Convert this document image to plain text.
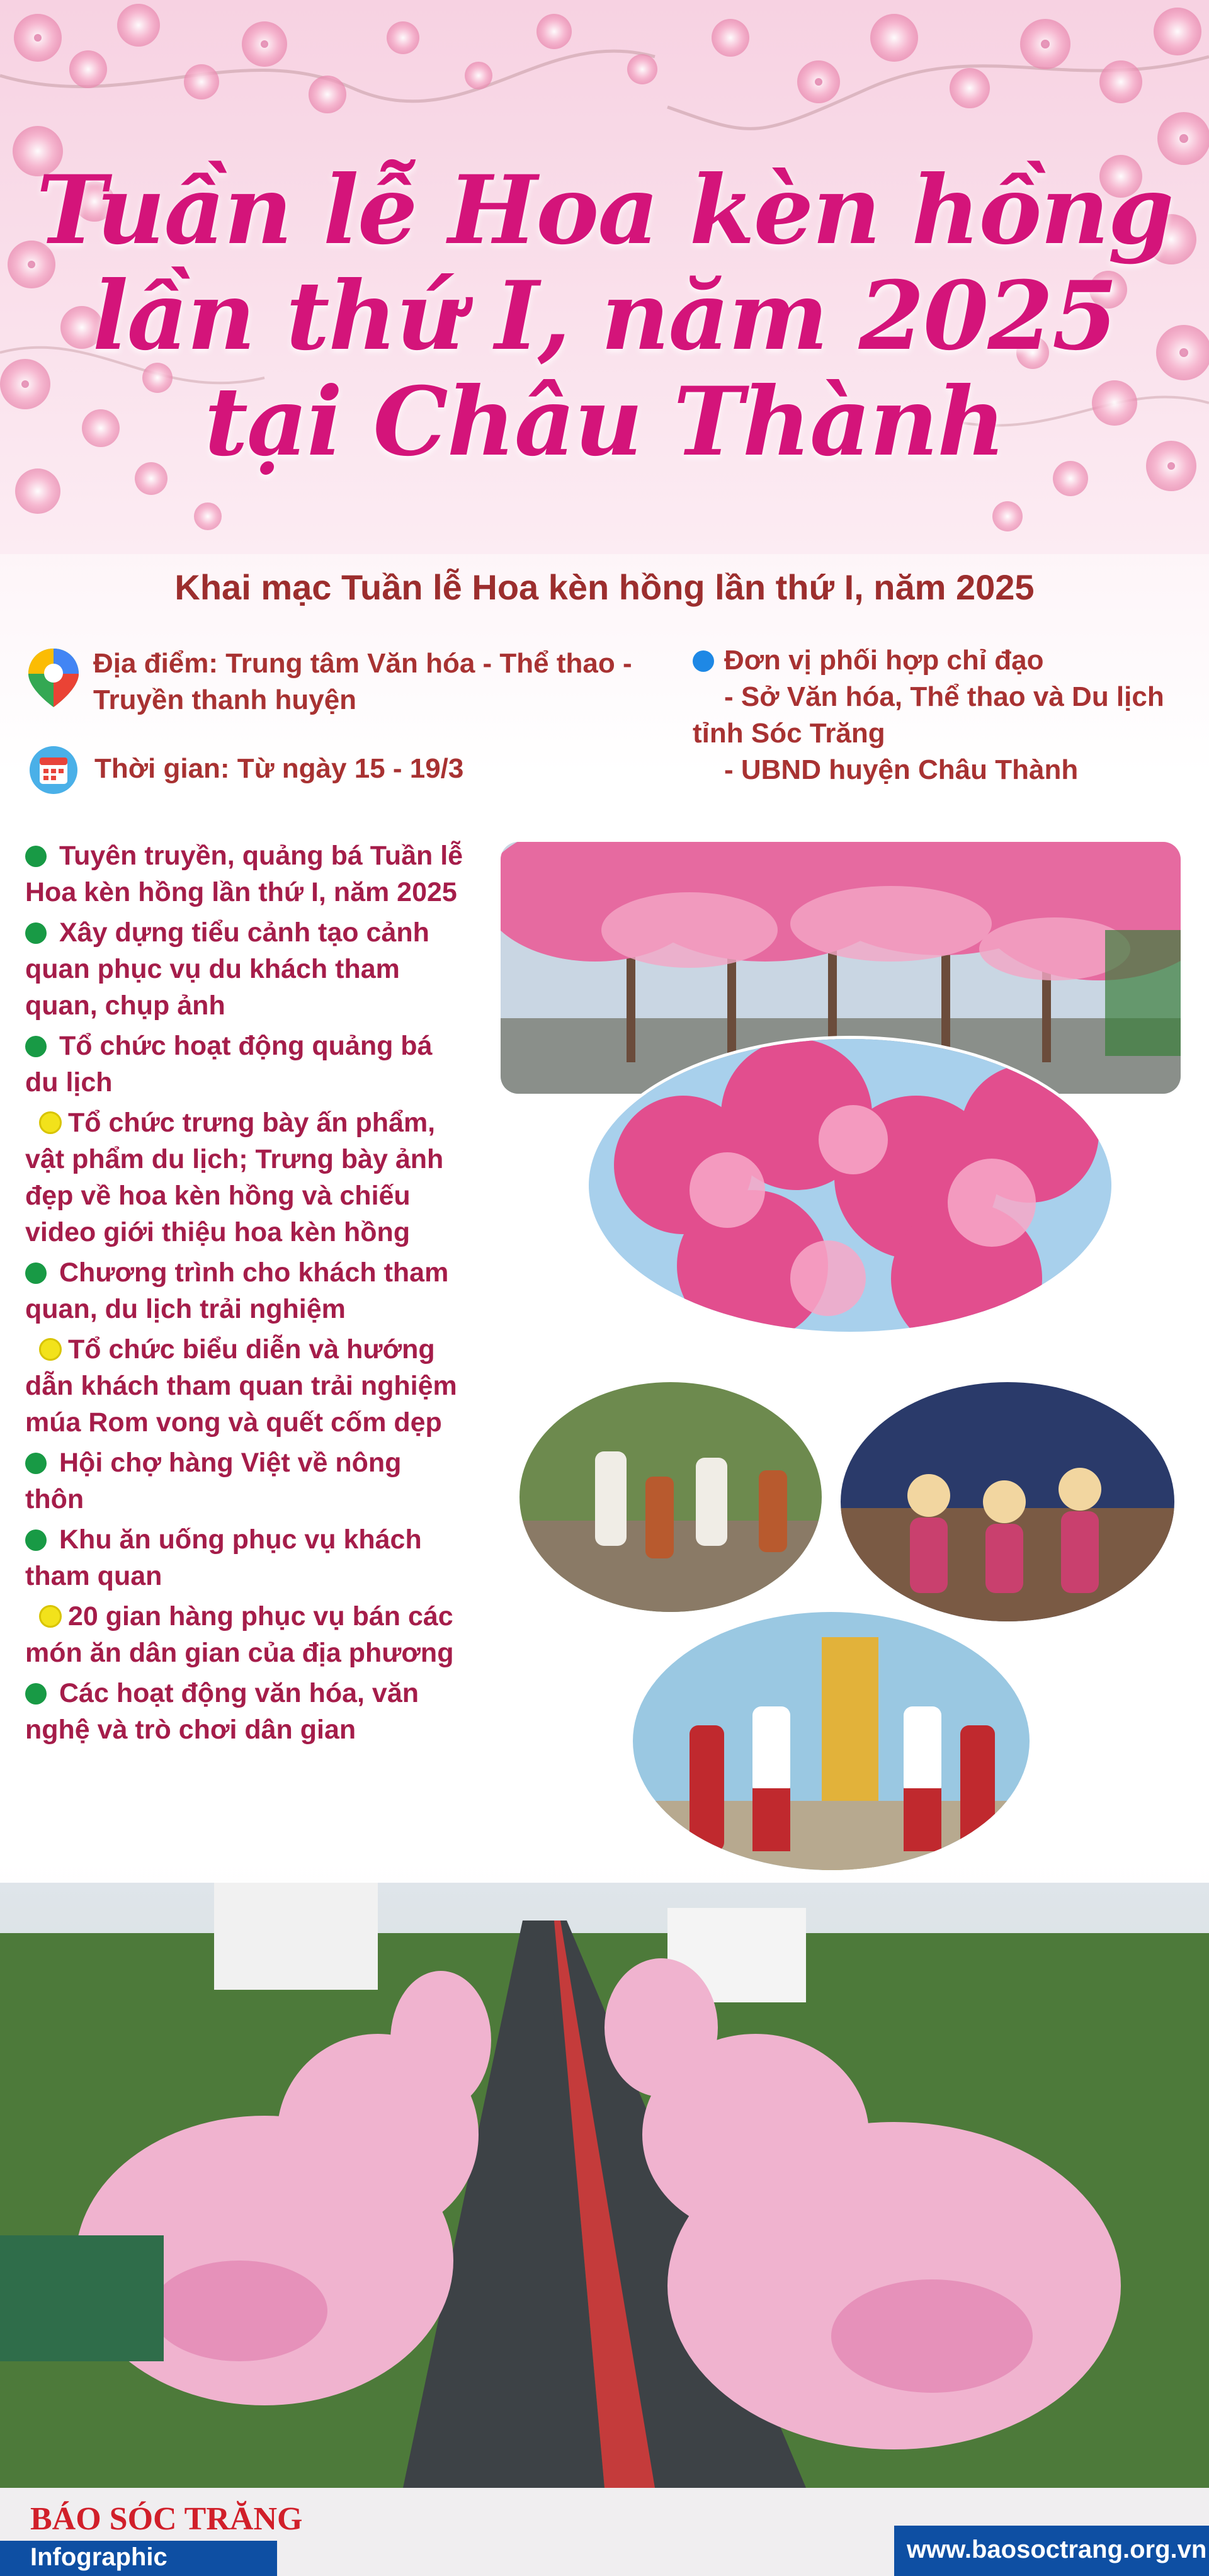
Tuần lễ Hoa kèn hồng
lần thứ I, năm 2025
tại Châu Thành
Khai mạc Tuần lễ Hoa kèn hồng lần thứ I, năm 2025
Địa điểm: Trung tâm Văn hóa - Thể thao -
Truyền thanh huyện
Thời gian: Từ ngày 15 - 19/3
Đơn vị phối hợp chỉ đạo
- Sở Văn hóa, Thể thao và Du lịch
tỉnh Sóc Trăng
- UBND huyện Châu Thành
Tuyên truyền, quảng bá Tuần lễ Hoa kèn hồng lần thứ I, năm 2025
Xây dựng tiểu cảnh tạo cảnh quan phục vụ du khách tham quan, chụp ảnh
Tổ chức hoạt động quảng bá du lịch
Tổ chức trưng bày ấn phẩm, vật phẩm du lịch; Trưng bày ảnh đẹp về hoa kèn hồng và chiếu video giới thiệu hoa kèn hồng
Chương trình cho khách tham quan, du lịch trải nghiệm
Tổ chức biểu diễn và hướng dẫn khách tham quan trải nghiệm múa Rom vong và quết cốm dẹp
Hội chợ hàng Việt về nông thôn
Khu ăn uống phục vụ khách tham quan
20 gian hàng phục vụ bán các món ăn dân gian của địa phương
Các hoạt động văn hóa, văn nghệ và trò chơi dân gian
BÁO SÓC TRĂNG
Infographic	www.baosoctrang.org.vn
